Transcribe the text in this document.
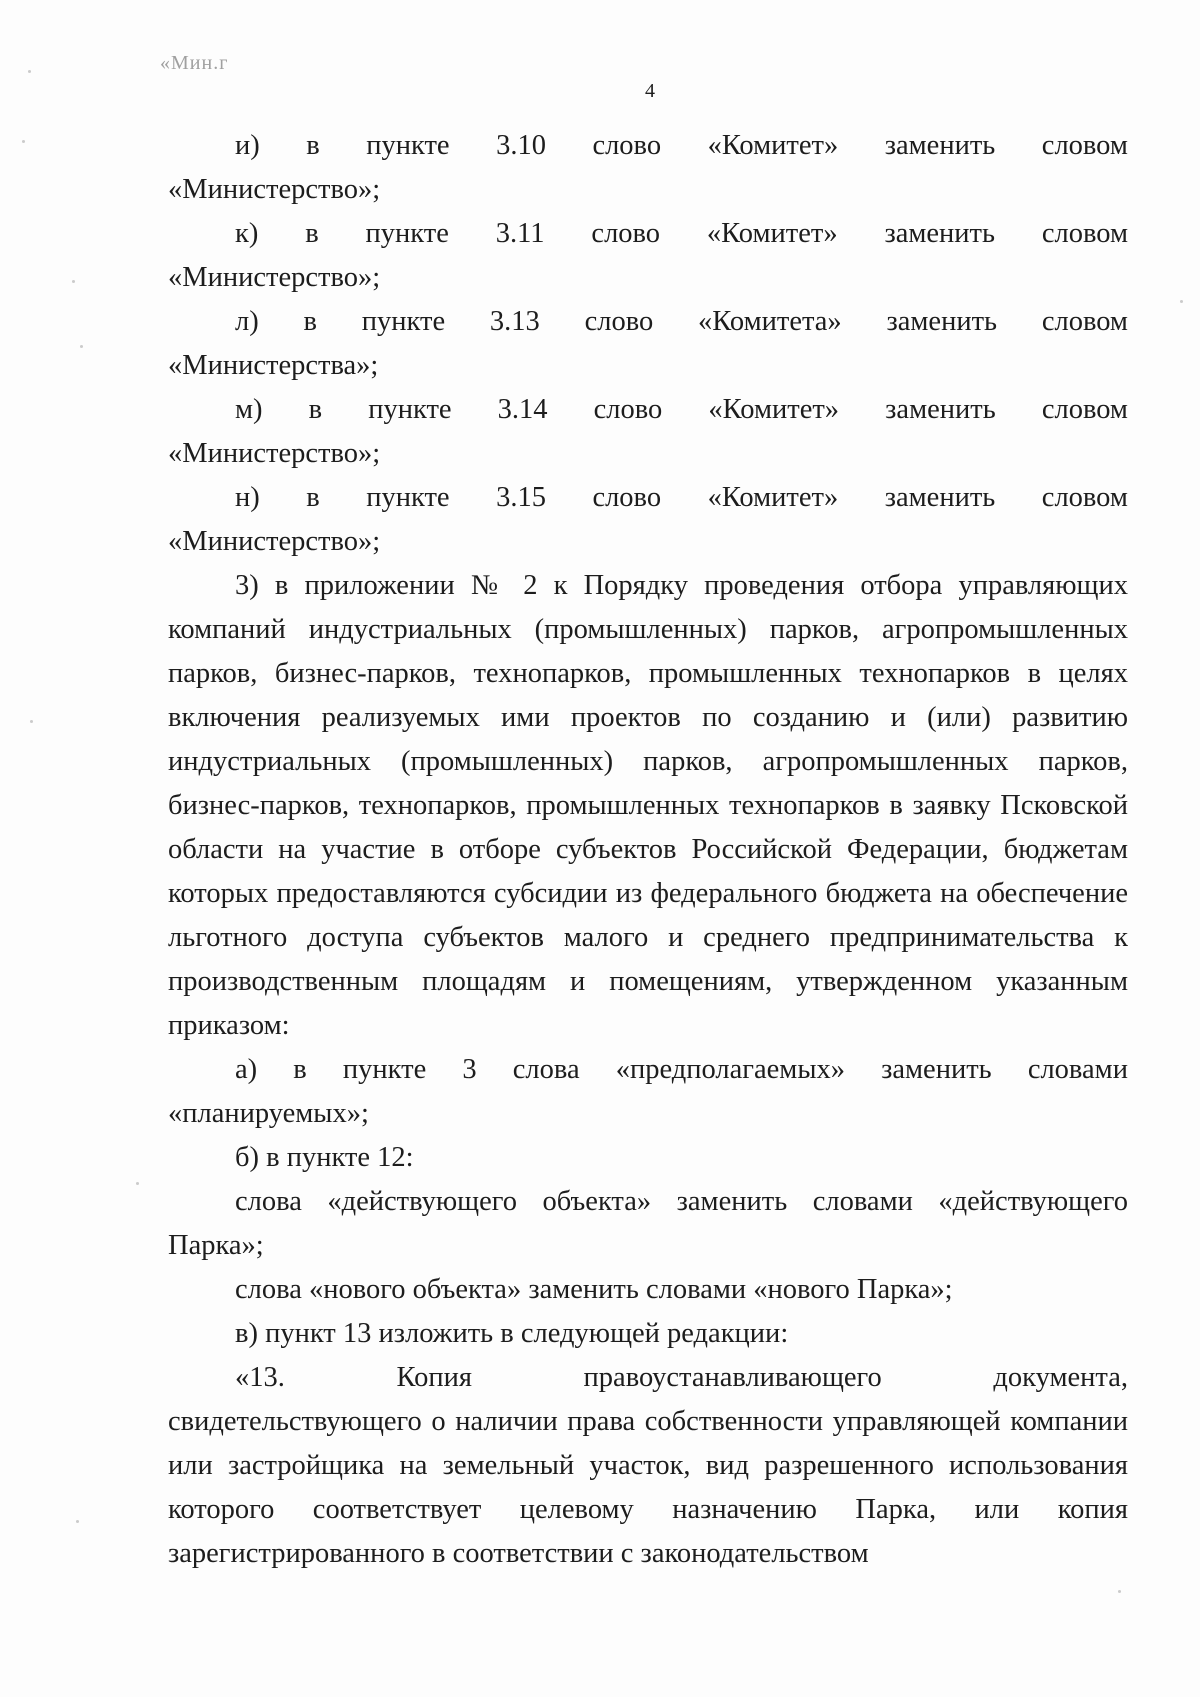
«Мин.г
4
и) в пункте 3.10 слово «Комитет» заменить словом

«Министерство»;

к) в пункте 3.11 слово «Комитет» заменить словом

«Министерство»;

л) в пункте 3.13 слово «Комитета» заменить словом

«Министерства»;

м) в пункте 3.14 слово «Комитет» заменить словом

«Министерство»;

н) в пункте 3.15 слово «Комитет» заменить словом

«Министерство»;

3) в приложении № 2 к Порядку проведения отбора управляющих компаний индустриальных (промышленных) парков, агропромышленных парков, бизнес-парков, технопарков, промышленных технопарков в целях включения реализуемых ими проектов по созданию и (или) развитию индустриальных (промышленных) парков, агропромышленных парков, бизнес-парков, технопарков, промышленных технопарков в заявку Псковской области на участие в отборе субъектов Российской Федерации, бюджетам которых предоставляются субсидии из федерального бюджета на обеспечение льготного доступа субъектов малого и среднего предпринимательства к производственным площадям и помещениям, утвержденном указанным приказом:

а) в пункте 3 слова «предполагаемых» заменить словами

«планируемых»;

б) в пункте 12:

слова «действующего объекта» заменить словами «действующего Парка»;

слова «нового объекта» заменить словами «нового Парка»;

в) пункт 13 изложить в следующей редакции:

«13.	Копия	правоустанавливающего	документа,

свидетельствующего о наличии права собственности управляющей компании или застройщика на земельный участок, вид разрешенного использования которого соответствует целевому назначению Парка, или копия зарегистрированного в соответствии с законодательством
